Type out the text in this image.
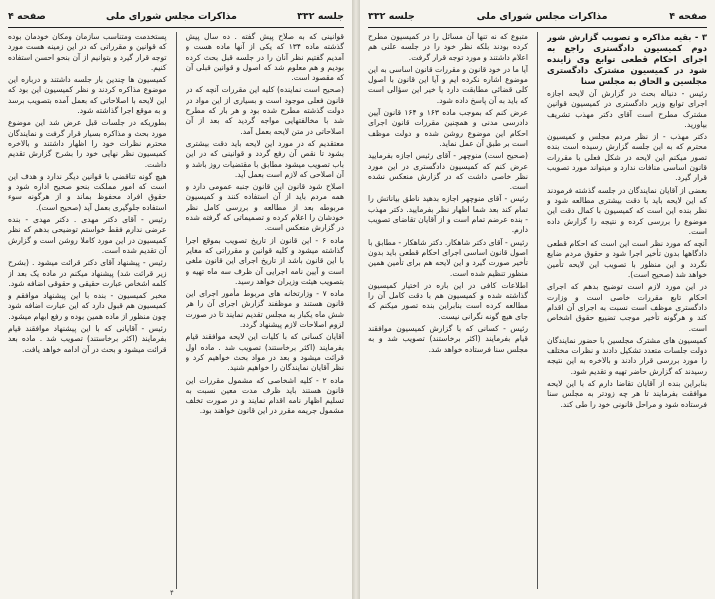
جلسه ۳۳۲
مذاکرات مجلس شورای ملی
صفحه ۴

قوانینی که به صلاح پیش گفته . ده سال پیش گذشته ماده ۱۳۴ که یکی از آنها ماده هست و آمدیم گفتیم نظر آنان را در جلسه قبل بحث کرده بودیم و هم معلوم شد که اصول و قوانین قبلی آن که مقصود است.

(صحیح است نماینده) کلیه این مقررات آنچه که در قانون فعلی موجود است و بسیاری از این مواد در دولت گذشته مطرح شده بود و هر بار که مطرح شد با مخالفتهایی مواجه گردید که بعد از آن اصلاحاتی در متن لایحه بعمل آمد.

معتقدیم که در مورد این لایحه باید دقت بیشتری بشود تا نقص آن رفع گردد و قوانینی که در این باب تصویب میشود مطابق با مقتضیات روز باشد و آن اصلاحی که لازم است بعمل آید.

اصلاح شود قانون این قانون جنبه عمومی دارد و همه مردم باید از آن استفاده کنند و کمیسیون مربوطه بعد از مطالعه و بررسی کامل نظر خودشان را اعلام کرده و تصمیماتی که گرفته شده در گزارش منعکس است.

ماده ۶ - این قانون از تاریخ تصویب بموقع اجرا گذاشته میشود و کلیه قوانین و مقرراتی که مغایر با این قانون باشد از تاریخ اجرای این قانون ملغی است و آیین نامه اجرایی آن ظرف سه ماه تهیه و بتصویب هیئت وزیران خواهد رسید.

ماده ۷ - وزارتخانه های مربوط مأمور اجرای این قانون هستند و موظفند گزارش اجرای آن را هر شش ماه یکبار به مجلس تقدیم نمایند تا در صورت لزوم اصلاحات لازم پیشنهاد گردد.

آقایان کسانی که با کلیات این لایحه موافقند قیام بفرمایند (اکثر برخاستند) تصویب شد . ماده اول قرائت میشود و بعد در مواد بحث خواهیم کرد و نظر آقایان نمایندگان را خواهیم شنید.

ماده ۲ - کلیه اشخاصی که مشمول مقررات این قانون هستند باید ظرف مدت معین نسبت به تسلیم اظهار نامه اقدام نمایند و در صورت تخلف مشمول جریمه مقرر در این قانون خواهند بود.

پستخدمت ومتناسب سازمان ومکان خودمان بوده که قوانین و مقرراتی که در این زمینه هست مورد توجه قرار گیرد و بتوانیم از آن بنحو احسن استفاده کنیم.

کمیسیون ها چندین بار جلسه داشتند و درباره این موضوع مذاکره کردند و نظر کمیسیون این بود که این لایحه با اصلاحاتی که بعمل آمده بتصویب برسد و به موقع اجرا گذاشته شود.

بطوریکه در جلسات قبل عرض شد این موضوع مورد بحث و مذاکره بسیار قرار گرفت و نمایندگان محترم نظرات خود را اظهار داشتند و بالاخره کمیسیون نظر نهایی خود را بشرح گزارش تقدیم داشت.

هیچ گونه تناقضی با قوانین دیگر ندارد و هدف این است که امور مملکت بنحو صحیح اداره شود و حقوق افراد محفوظ بماند و از هرگونه سوء استفاده جلوگیری بعمل آید (صحیح است).

رئیس - آقای دکتر مهدی . دکتر مهدی - بنده عرضی ندارم فقط خواستم توضیحی بدهم که نظر کمیسیون در این مورد کاملا روشن است و گزارش آن تقدیم شده است.

رئیس - پیشنهاد آقای دکتر قرائت میشود . (بشرح زیر قرائت شد) پیشنهاد میکنم در ماده یک بعد از کلمه اشخاص عبارت حقیقی و حقوقی اضافه شود.

مخبر کمیسیون - بنده با این پیشنهاد موافقم و کمیسیون هم قبول دارد که این عبارت اضافه شود چون منظور از ماده همین بوده و رفع ابهام میشود.

رئیس - آقایانی که با این پیشنهاد موافقند قیام بفرمایند (اکثر برخاستند) تصویب شد . ماده بعد قرائت میشود و بحث در آن ادامه خواهد یافت.

۴
صفحه ۴
مذاکرات مجلس شورای ملی
جلسه ۳۳۲

۳ - بقیه مذاکره و تصویب گزارش شور دوم کمیسیون دادگستری راجع به اجرای احکام قطعی توابع وی زاینده شود در کمیسیون مشترک دادگستری مجلسین و الحاق به مجلس سنا

رئیس - دنباله بحث در گزارش آن لایحه اجازه اجرای توابع وزیر دادگستری در کمیسیون قوانین مشترک مطرح است آقای دکتر مهذب تشریف بیاورید.

دکتر مهذب - از نظر مردم مجلس و کمیسیون محترم که به این جلسه گزارش رسیده است بنده تصور میکنم این لایحه در شکل فعلی با مقررات قانون اساسی منافات ندارد و میتواند مورد تصویب قرار گیرد.

بعضی از آقایان نمایندگان در جلسه گذشته فرمودند که این لایحه باید با دقت بیشتری مطالعه شود و نظر بنده این است که کمیسیون با کمال دقت این موضوع را بررسی کرده و نتیجه را گزارش داده است.

آنچه که مورد نظر است این است که احکام قطعی دادگاهها بدون تأخیر اجرا شود و حقوق مردم ضایع نگردد و این منظور با تصویب این لایحه تأمین خواهد شد (صحیح است).

در این مورد لازم است توضیح بدهم که اجرای احکام تابع مقررات خاصی است و وزارت دادگستری موظف است نسبت به اجرای آن اقدام کند و هرگونه تأخیر موجب تضییع حقوق اشخاص است.

کمیسیون های مشترک مجلسین با حضور نمایندگان دولت جلسات متعدد تشکیل دادند و نظرات مختلف را مورد بررسی قرار دادند و بالاخره به این نتیجه رسیدند که گزارش حاضر تهیه و تقدیم شود.

بنابراین بنده از آقایان تقاضا دارم که با این لایحه موافقت بفرمایند تا هر چه زودتر به مجلس سنا فرستاده شود و مراحل قانونی خود را طی کند.

متبوع که نه تنها آن مسائل را در کمیسیون مطرح کرده بودند بلکه نظر خود را در جلسه علنی هم اعلام داشتند و مورد توجه قرار گرفت.

آیا ما در خود قانون و مقررات قانون اساسی به این موضوع اشاره نکرده ایم و آیا این قانون با اصول کلی قضائی مطابقت دارد یا خیر این سؤالی است که باید به آن پاسخ داده شود.

عرض کنم که بموجب ماده ۱۶۳ و ۱۶۴ قانون آیین دادرسی مدنی و همچنین مقررات قانون اجرای احکام این موضوع روشن شده و دولت موظف است بر طبق آن عمل نماید.

(صحیح است) منوچهر - آقای رئیس اجازه بفرمایید عرض کنم که کمیسیون دادگستری در این مورد نظر خاصی داشت که در گزارش منعکس نشده است.

رئیس - آقای منوچهر اجازه بدهید ناطق بیاناتش را تمام کند بعد شما اظهار نظر بفرمایید. دکتر مهذب - بنده عرضم تمام است و از آقایان تقاضای تصویب دارم.

رئیس - آقای دکتر شاهکار. دکتر شاهکار - مطابق با اصول قانون اساسی اجرای احکام قطعی باید بدون تأخیر صورت گیرد و این لایحه هم برای تأمین همین منظور تنظیم شده است.

اطلاعات کافی در این باره در اختیار کمیسیون گذاشته شده و کمیسیون هم با دقت کامل آن را مطالعه کرده است بنابراین بنده تصور میکنم که جای هیچ گونه نگرانی نیست.

رئیس - کسانی که با گزارش کمیسیون موافقند قیام بفرمایند (اکثر برخاستند) تصویب شد و به مجلس سنا فرستاده خواهد شد.
